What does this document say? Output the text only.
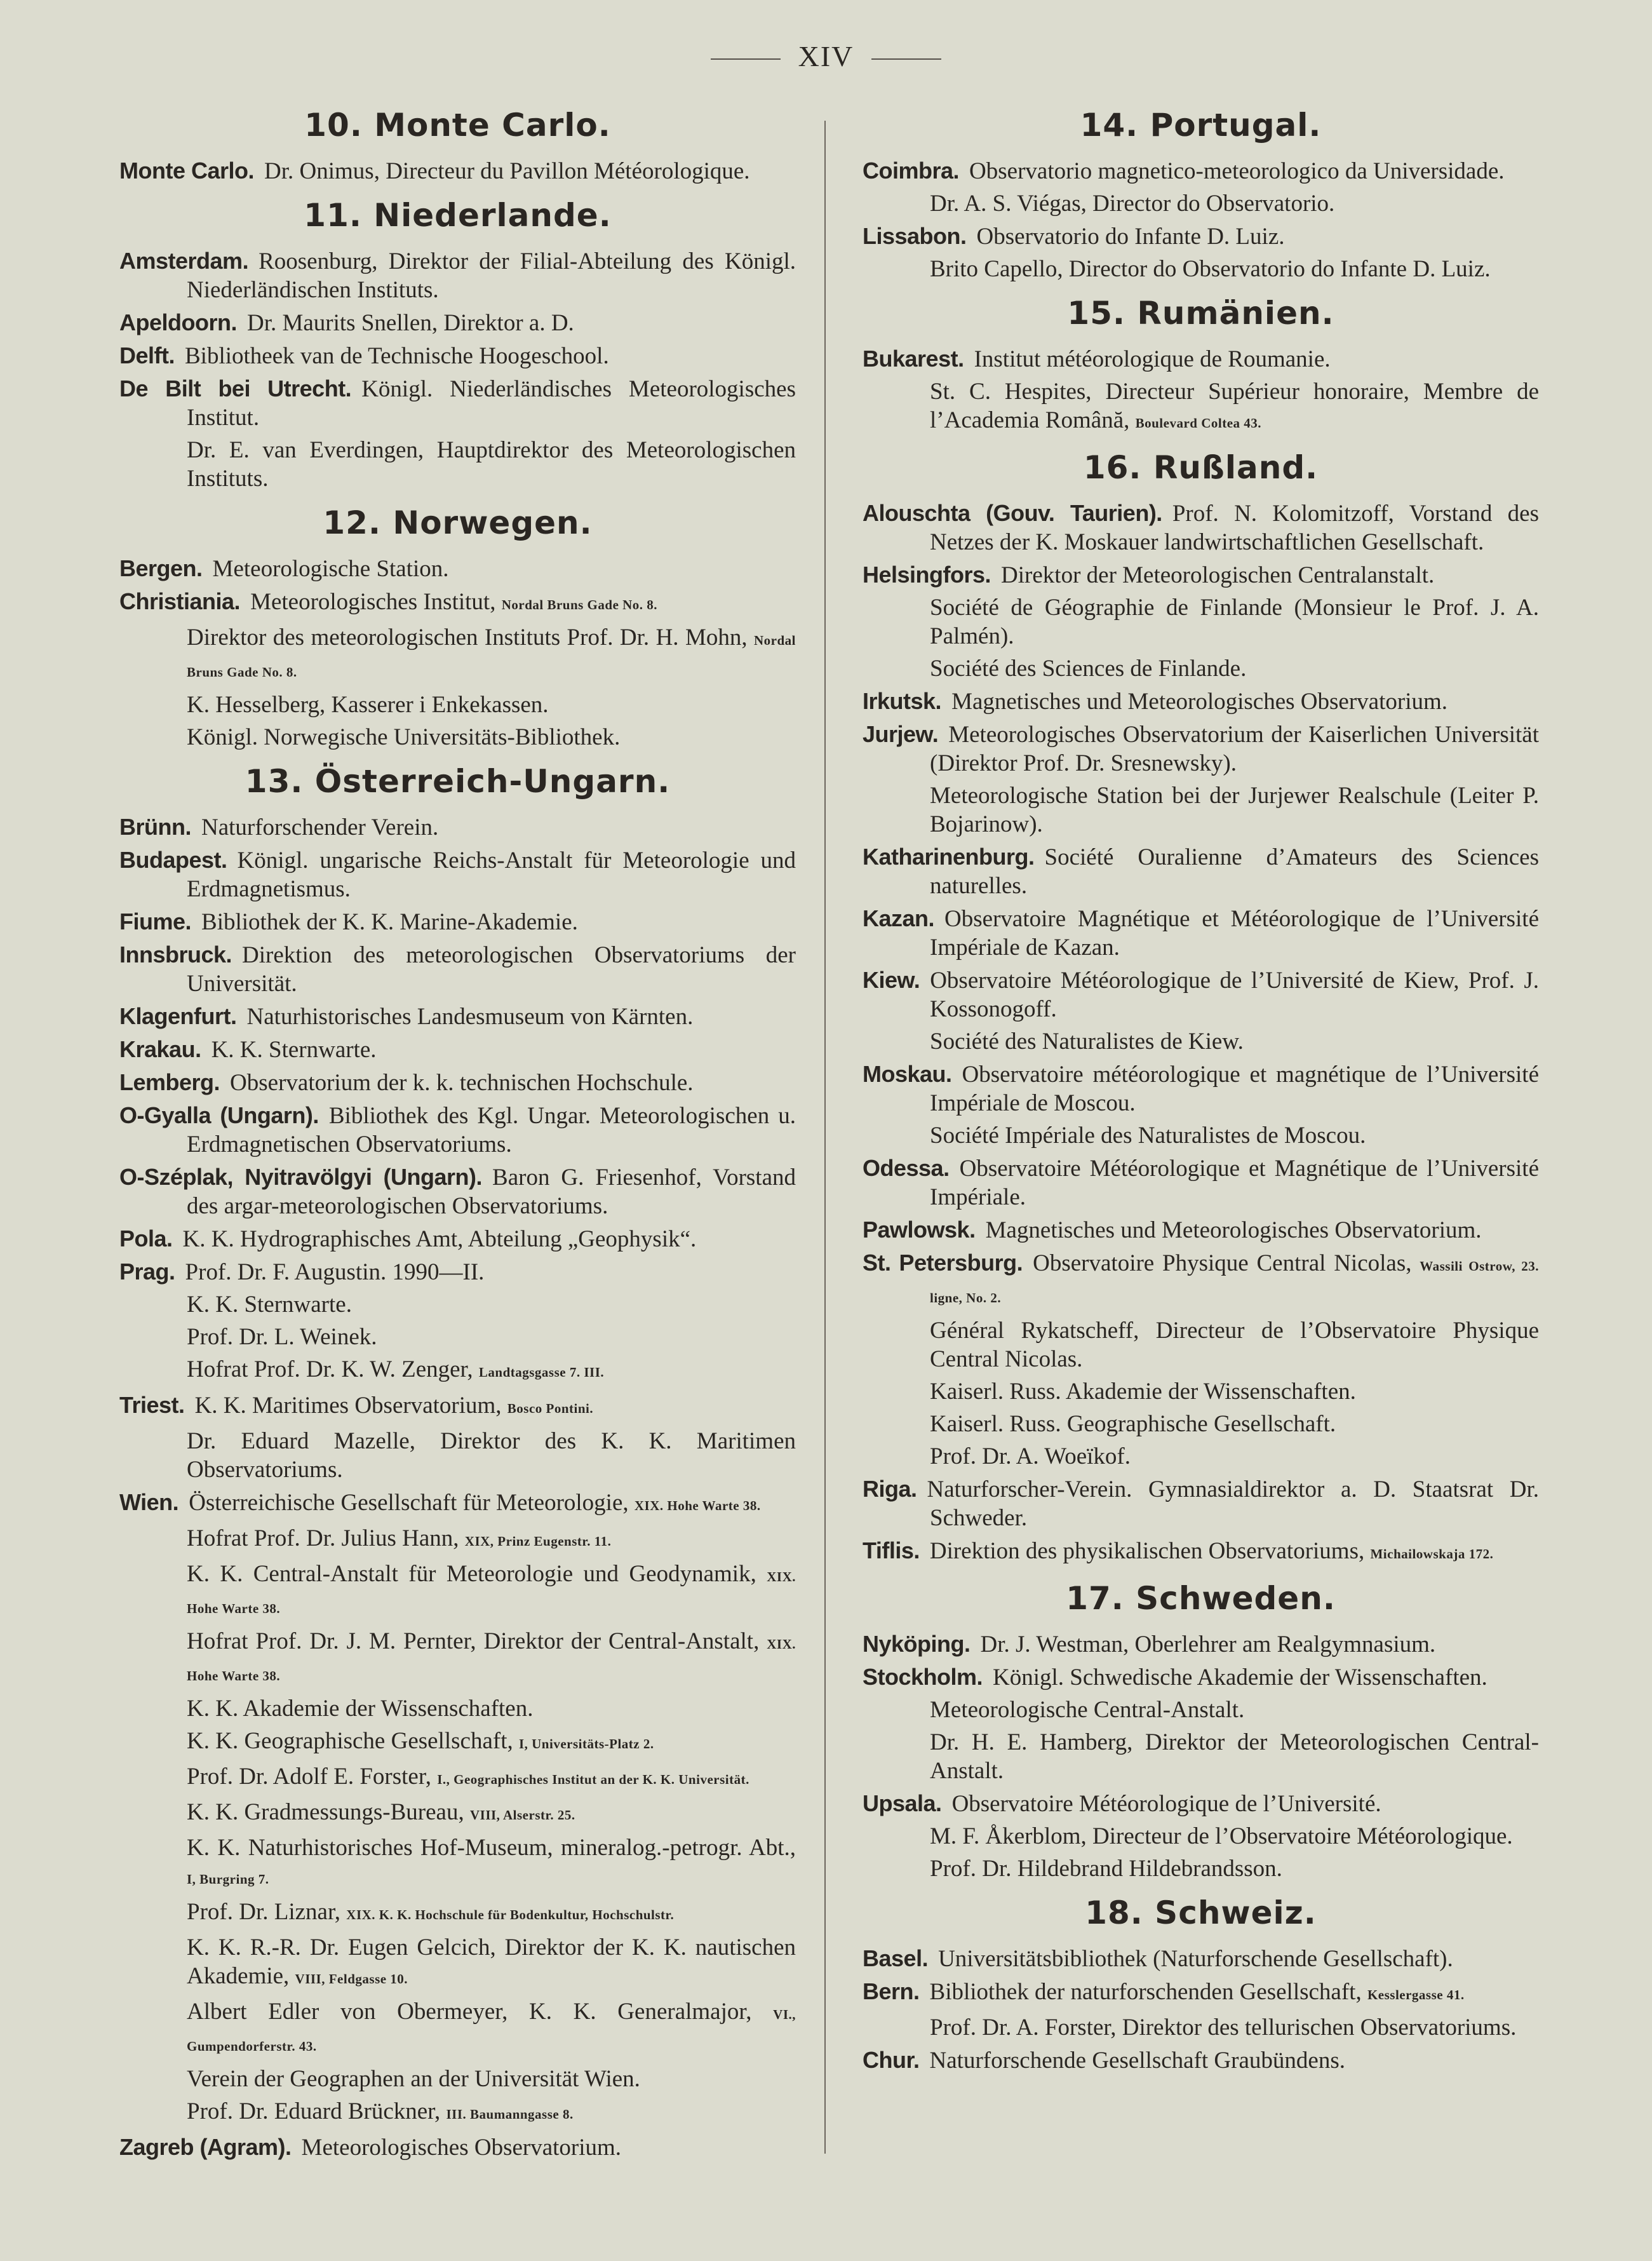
XIV
10. Monte Carlo.
Monte Carlo. Dr. Onimus, Directeur du Pavillon Météorologique.
11. Niederlande.
Amsterdam. Roosenburg, Direktor der Filial-Abteilung des Königl. Niederländischen Instituts.
Apeldoorn. Dr. Maurits Snellen, Direktor a. D.
Delft. Bibliotheek van de Technische Hoogeschool.
De Bilt bei Utrecht. Königl. Niederländisches Meteorologisches Institut.
Dr. E. van Everdingen, Hauptdirektor des Meteorologischen Instituts.
12. Norwegen.
Bergen. Meteorologische Station.
Christiania. Meteorologisches Institut, Nordal Bruns Gade No. 8.
Direktor des meteorologischen Instituts Prof. Dr. H. Mohn, Nordal Bruns Gade No. 8.
K. Hesselberg, Kasserer i Enkekassen.
Königl. Norwegische Universitäts-Bibliothek.
13. Österreich-Ungarn.
Brünn. Naturforschender Verein.
Budapest. Königl. ungarische Reichs-Anstalt für Meteorologie und Erdmagnetismus.
Fiume. Bibliothek der K. K. Marine-Akademie.
Innsbruck. Direktion des meteorologischen Observatoriums der Universität.
Klagenfurt. Naturhistorisches Landesmuseum von Kärnten.
Krakau. K. K. Sternwarte.
Lemberg. Observatorium der k. k. technischen Hochschule.
O-Gyalla (Ungarn). Bibliothek des Kgl. Ungar. Meteorologischen u. Erdmagnetischen Observatoriums.
O-Széplak, Nyitravölgyi (Ungarn). Baron G. Friesenhof, Vorstand des argar-meteorologischen Observatoriums.
Pola. K. K. Hydrographisches Amt, Abteilung „Geophysik“.
Prag. Prof. Dr. F. Augustin. 1990—II.
K. K. Sternwarte.
Prof. Dr. L. Weinek.
Hofrat Prof. Dr. K. W. Zenger, Landtagsgasse 7. III.
Triest. K. K. Maritimes Observatorium, Bosco Pontini.
Dr. Eduard Mazelle, Direktor des K. K. Maritimen Observatoriums.
Wien. Österreichische Gesellschaft für Meteorologie, XIX. Hohe Warte 38.
Hofrat Prof. Dr. Julius Hann, XIX, Prinz Eugenstr. 11.
K. K. Central-Anstalt für Meteorologie und Geodynamik, XIX. Hohe Warte 38.
Hofrat Prof. Dr. J. M. Pernter, Direktor der Central-Anstalt, XIX. Hohe Warte 38.
K. K. Akademie der Wissenschaften.
K. K. Geographische Gesellschaft, I, Universitäts-Platz 2.
Prof. Dr. Adolf E. Forster, I., Geographisches Institut an der K. K. Universität.
K. K. Gradmessungs-Bureau, VIII, Alserstr. 25.
K. K. Naturhistorisches Hof-Museum, mineralog.-petrogr. Abt., I, Burgring 7.
Prof. Dr. Liznar, XIX. K. K. Hochschule für Bodenkultur, Hochschulstr.
K. K. R.-R. Dr. Eugen Gelcich, Direktor der K. K. nautischen Akademie, VIII, Feldgasse 10.
Albert Edler von Obermeyer, K. K. Generalmajor, VI., Gumpendorferstr. 43.
Verein der Geographen an der Universität Wien.
Prof. Dr. Eduard Brückner, III. Baumanngasse 8.
Zagreb (Agram). Meteorologisches Observatorium.
14. Portugal.
Coimbra. Observatorio magnetico-meteorologico da Universidade.
Dr. A. S. Viégas, Director do Observatorio.
Lissabon. Observatorio do Infante D. Luiz.
Brito Capello, Director do Observatorio do Infante D. Luiz.
15. Rumänien.
Bukarest. Institut météorologique de Roumanie.
St. C. Hespites, Directeur Supérieur honoraire, Membre de l’Academia Română, Boulevard Coltea 43.
16. Rußland.
Alouschta (Gouv. Taurien). Prof. N. Kolomitzoff, Vorstand des Netzes der K. Moskauer landwirtschaftlichen Gesellschaft.
Helsingfors. Direktor der Meteorologischen Centralanstalt.
Société de Géographie de Finlande (Monsieur le Prof. J. A. Palmén).
Société des Sciences de Finlande.
Irkutsk. Magnetisches und Meteorologisches Observatorium.
Jurjew. Meteorologisches Observatorium der Kaiserlichen Universität (Direktor Prof. Dr. Sresnewsky).
Meteorologische Station bei der Jurjewer Realschule (Leiter P. Bojarinow).
Katharinenburg. Société Ouralienne d’Amateurs des Sciences naturelles.
Kazan. Observatoire Magnétique et Météorologique de l’Université Impériale de Kazan.
Kiew. Observatoire Météorologique de l’Université de Kiew, Prof. J. Kossonogoff.
Société des Naturalistes de Kiew.
Moskau. Observatoire météorologique et magnétique de l’Université Impériale de Moscou.
Société Impériale des Naturalistes de Moscou.
Odessa. Observatoire Météorologique et Magnétique de l’Université Impériale.
Pawlowsk. Magnetisches und Meteorologisches Observatorium.
St. Petersburg. Observatoire Physique Central Nicolas, Wassili Ostrow, 23. ligne, No. 2.
Général Rykatscheff, Directeur de l’Observatoire Physique Central Nicolas.
Kaiserl. Russ. Akademie der Wissenschaften.
Kaiserl. Russ. Geographische Gesellschaft.
Prof. Dr. A. Woeïkof.
Riga. Naturforscher-Verein. Gymnasialdirektor a. D. Staatsrat Dr. Schweder.
Tiflis. Direktion des physikalischen Observatoriums, Michailowskaja 172.
17. Schweden.
Nyköping. Dr. J. Westman, Oberlehrer am Realgymnasium.
Stockholm. Königl. Schwedische Akademie der Wissenschaften.
Meteorologische Central-Anstalt.
Dr. H. E. Hamberg, Direktor der Meteorologischen Central-Anstalt.
Upsala. Observatoire Météorologique de l’Université.
M. F. Åkerblom, Directeur de l’Observatoire Météorologique.
Prof. Dr. Hildebrand Hildebrandsson.
18. Schweiz.
Basel. Universitätsbibliothek (Naturforschende Gesellschaft).
Bern. Bibliothek der naturforschenden Gesellschaft, Kesslergasse 41.
Prof. Dr. A. Forster, Direktor des tellurischen Observatoriums.
Chur. Naturforschende Gesellschaft Graubündens.
